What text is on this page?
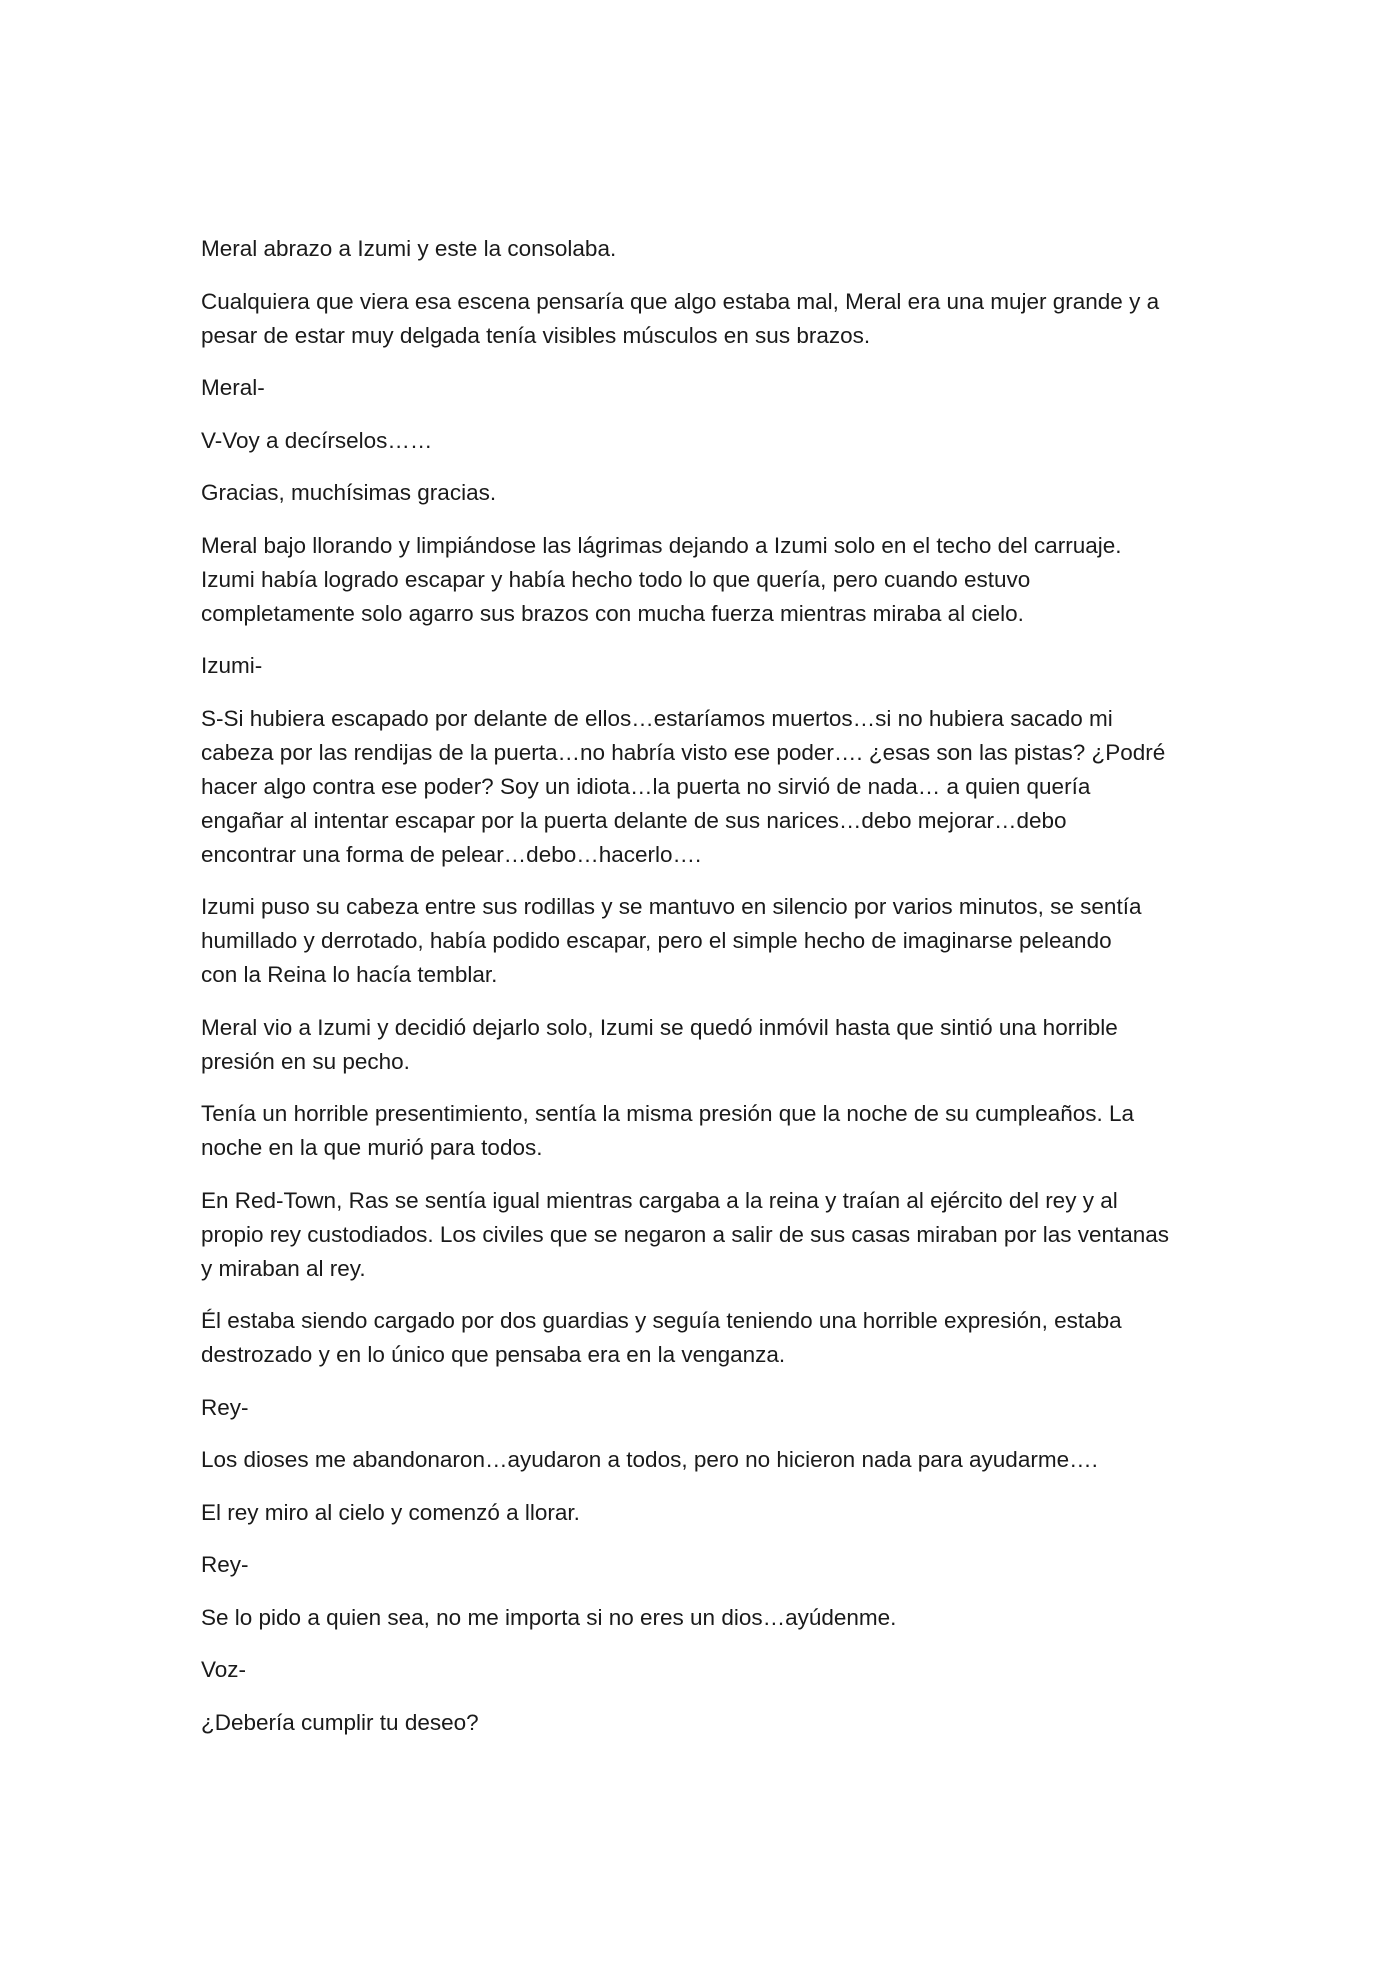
Meral abrazo a Izumi y este la consolaba.

Cualquiera que viera esa escena pensaría que algo estaba mal, Meral era una mujer grande y a
pesar de estar muy delgada tenía visibles músculos en sus brazos.

Meral-

V-Voy a decírselos……

Gracias, muchísimas gracias.

Meral bajo llorando y limpiándose las lágrimas dejando a Izumi solo en el techo del carruaje.
Izumi había logrado escapar y había hecho todo lo que quería, pero cuando estuvo
completamente solo agarro sus brazos con mucha fuerza mientras miraba al cielo.

Izumi-

S-Si hubiera escapado por delante de ellos…estaríamos muertos…si no hubiera sacado mi
cabeza por las rendijas de la puerta…no habría visto ese poder…. ¿esas son las pistas? ¿Podré
hacer algo contra ese poder? Soy un idiota…la puerta no sirvió de nada… a quien quería
engañar al intentar escapar por la puerta delante de sus narices…debo mejorar…debo
encontrar una forma de pelear…debo…hacerlo….

Izumi puso su cabeza entre sus rodillas y se mantuvo en silencio por varios minutos, se sentía
humillado y derrotado, había podido escapar, pero el simple hecho de imaginarse peleando
con la Reina lo hacía temblar.

Meral vio a Izumi y decidió dejarlo solo, Izumi se quedó inmóvil hasta que sintió una horrible
presión en su pecho.

Tenía un horrible presentimiento, sentía la misma presión que la noche de su cumpleaños. La
noche en la que murió para todos.

En Red-Town, Ras se sentía igual mientras cargaba a la reina y traían al ejército del rey y al
propio rey custodiados. Los civiles que se negaron a salir de sus casas miraban por las ventanas
y miraban al rey.

Él estaba siendo cargado por dos guardias y seguía teniendo una horrible expresión, estaba
destrozado y en lo único que pensaba era en la venganza.

Rey-

Los dioses me abandonaron…ayudaron a todos, pero no hicieron nada para ayudarme….

El rey miro al cielo y comenzó a llorar.

Rey-

Se lo pido a quien sea, no me importa si no eres un dios…ayúdenme.

Voz-

¿Debería cumplir tu deseo?
